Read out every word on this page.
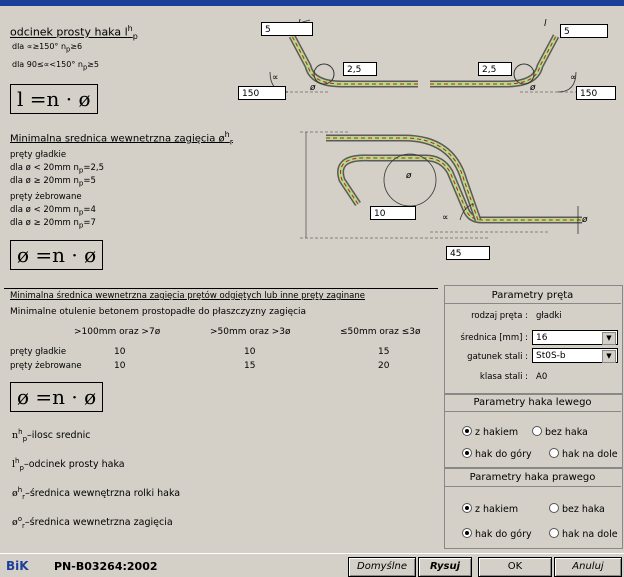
odcinek prosty haka $l^h_p$
dla ∝≥150° $n_p\ge 6$
dla 90≤∝<150° $n_p\ge 5$
l =n · ø
Minimalna srednica wewnetrzna zagięcia $ø^h_r$
pręty gładkie
dla ø < 20mm $n_p=2,5$
dla ø ≥ 20mm $n_p=5$
pręty żebrowane
dla ø < 20mm $n_p=4$
dla ø ≥ 20mm $n_p=7$
ø =n · ø
ø
∝
l
ø
∝
ø
∝	ø
5
2,5
150
5
2,5
150
10
45
Minimalna średnica wewnetrzna zagięcia prętów odgiętych lub inne pręty zaginane
Minimalne otulenie betonem prostopadłe do płaszczyzny zagięcia
>100mm oraz >7ø	>50mm oraz >3ø	≤50mm oraz ≤3ø
pręty gładkie	10	10	15
pręty żebrowane	10	15	20
ø =n · ø
$n^h_p$–ilosc srednic
$l^h_p$–odcinek prosty haka
$ø^h_r$–średnica wewnętrzna rolki haka
$ø^o_r$–średnica wewnetrzna zagięcia
Parametry pręta
rodzaj pręta : gładki
średnica [mm] : 16	▼
gatunek stali : St0S-b	▼
klasa stali : A0
Parametry haka lewego
z hakiem	bez haka
hak do góry	hak na dole
Parametry haka prawego
z hakiem	bez haka
hak do góry	hak na dole
BiK PN-B03264:2002	Domyślne	Rysuj	OK	Anuluj
